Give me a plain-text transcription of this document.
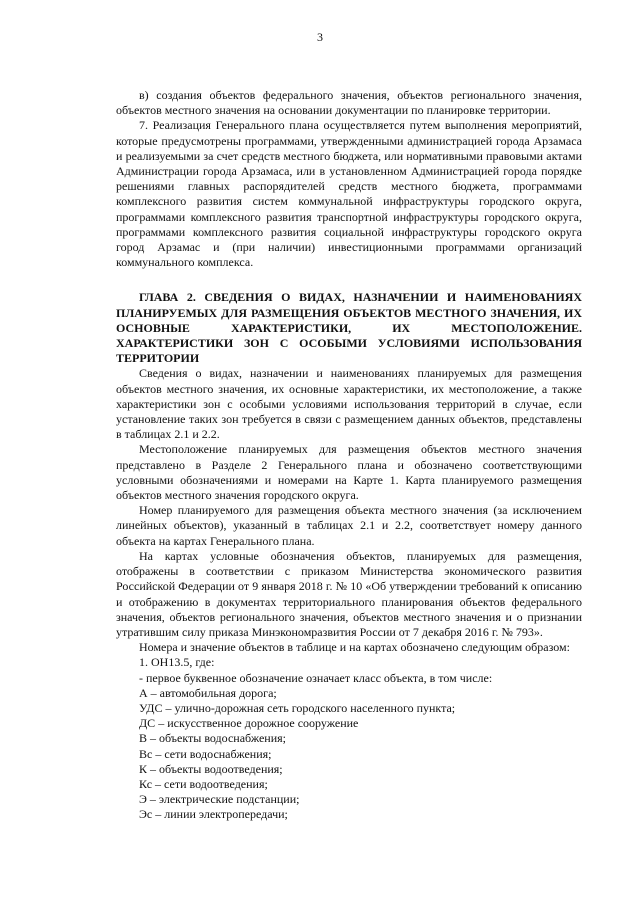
3

в) создания объектов федерального значения, объектов регионального значения, объектов местного значения на основании документации по планировке территории.

7. Реализация Генерального плана осуществляется путем выполнения мероприятий, которые предусмотрены программами, утвержденными администрацией города Арзамаса и реализуемыми за счет средств местного бюджета, или нормативными правовыми актами Администрации города Арзамаса, или в установленном Администрацией города порядке решениями главных распорядителей средств местного бюджета, программами комплексного развития систем коммунальной инфраструктуры городского округа, программами комплексного развития транспортной инфраструктуры городского округа, программами комплексного развития социальной инфраструктуры городского округа город Арзамас и (при наличии) инвестиционными программами организаций коммунального комплекса.

ГЛАВА 2. СВЕДЕНИЯ О ВИДАХ, НАЗНАЧЕНИИ И НАИМЕНОВАНИЯХ ПЛАНИРУЕМЫХ ДЛЯ РАЗМЕЩЕНИЯ ОБЪЕКТОВ МЕСТНОГО ЗНАЧЕНИЯ, ИХ ОСНОВНЫЕ ХАРАКТЕРИСТИКИ, ИХ МЕСТОПОЛОЖЕНИЕ. ХАРАКТЕРИСТИКИ ЗОН С ОСОБЫМИ УСЛОВИЯМИ ИСПОЛЬЗОВАНИЯ ТЕРРИТОРИИ

Сведения о видах, назначении и наименованиях планируемых для размещения объектов местного значения, их основные характеристики, их местоположение, а также характеристики зон с особыми условиями использования территорий в случае, если установление таких зон требуется в связи с размещением данных объектов, представлены в таблицах 2.1 и 2.2.

Местоположение планируемых для размещения объектов местного значения представлено в Разделе 2 Генерального плана и обозначено соответствующими условными обозначениями и номерами на Карте 1. Карта планируемого размещения объектов местного значения городского округа.

Номер планируемого для размещения объекта местного значения (за исключением линейных объектов), указанный в таблицах 2.1 и 2.2, соответствует номеру данного объекта на картах Генерального плана.

На картах условные обозначения объектов, планируемых для размещения, отображены в соответствии с приказом Министерства экономического развития Российской Федерации от 9 января 2018 г. № 10 «Об утверждении требований к описанию и отображению в документах территориального планирования объектов федерального значения, объектов регионального значения, объектов местного значения и о признании утратившим силу приказа Минэкономразвития России от 7 декабря 2016 г. № 793».

Номера и значение объектов в таблице и на картах обозначено следующим образом:

1. ОН13.5, где:

- первое буквенное обозначение означает класс объекта, в том числе:

А – автомобильная дорога;

УДС – улично-дорожная сеть городского населенного пункта;

ДС – искусственное дорожное сооружение

В – объекты водоснабжения;

Вс – сети водоснабжения;

К – объекты водоотведения;

Кс – сети водоотведения;

Э – электрические подстанции;

Эс – линии электропередачи;
